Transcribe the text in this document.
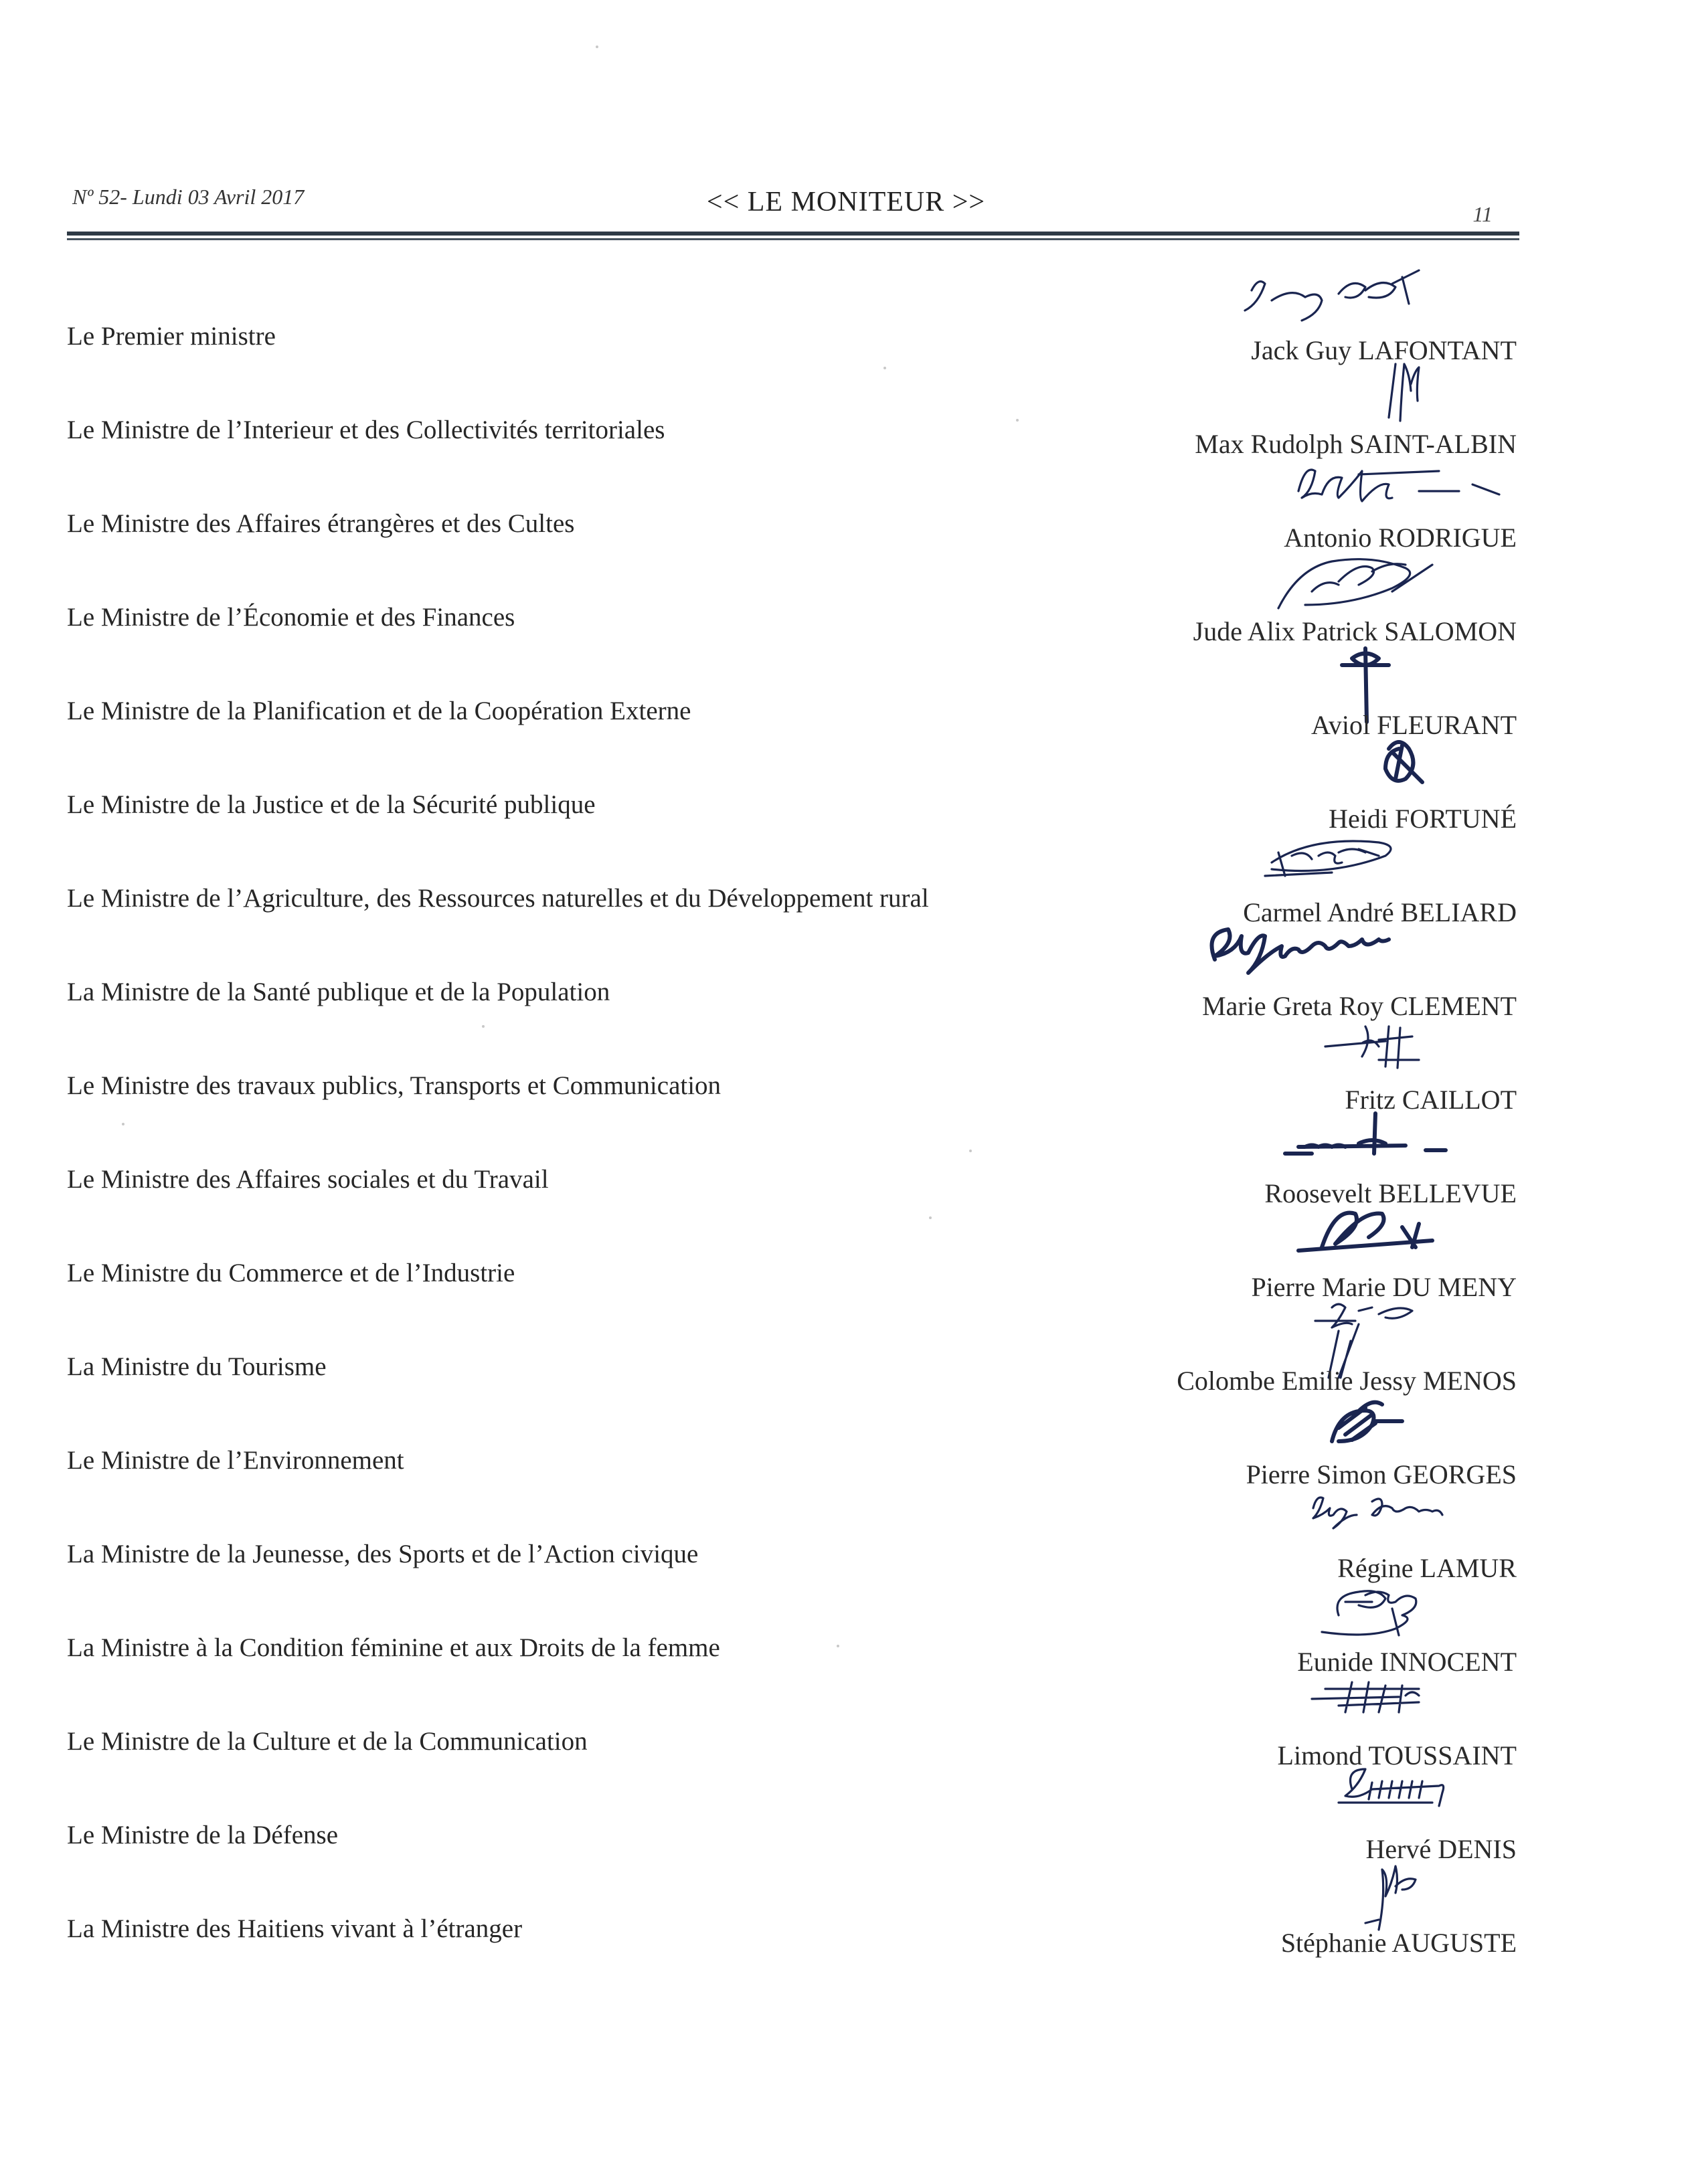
Nº 52- Lundi 03 Avril 2017	<< LE MONITEUR >>	11
Le Premier ministre	Jack Guy LAFONTANT
Le Ministre de l’Interieur et des Collectivités territoriales	Max Rudolph SAINT-ALBIN
Le Ministre des Affaires étrangères et des Cultes	Antonio RODRIGUE
Le Ministre de l’Économie et des Finances	Jude Alix Patrick SALOMON
Le Ministre de la Planification et de la Coopération Externe	Aviol FLEURANT
Le Ministre de la Justice et de la Sécurité publique	Heidi FORTUNÉ
Le Ministre de l’Agriculture, des Ressources naturelles et du Développement rural	Carmel André BELIARD
La Ministre de la Santé publique et de la Population	Marie Greta Roy CLEMENT
Le Ministre des travaux publics, Transports et Communication	Fritz CAILLOT
Le Ministre des Affaires sociales et du Travail	Roosevelt BELLEVUE
Le Ministre du Commerce et de l’Industrie	Pierre Marie DU MENY
La Ministre du Tourisme	Colombe Emilie Jessy MENOS
Le Ministre de l’Environnement	Pierre Simon GEORGES
La Ministre de la Jeunesse, des Sports et de l’Action civique	Régine LAMUR
La Ministre à la Condition féminine et aux Droits de la femme	Eunide INNOCENT
Le Ministre de la Culture et de la Communication	Limond TOUSSAINT
Le Ministre de la Défense	Hervé DENIS
La Ministre des Haitiens vivant à l’étranger	Stéphanie AUGUSTE
